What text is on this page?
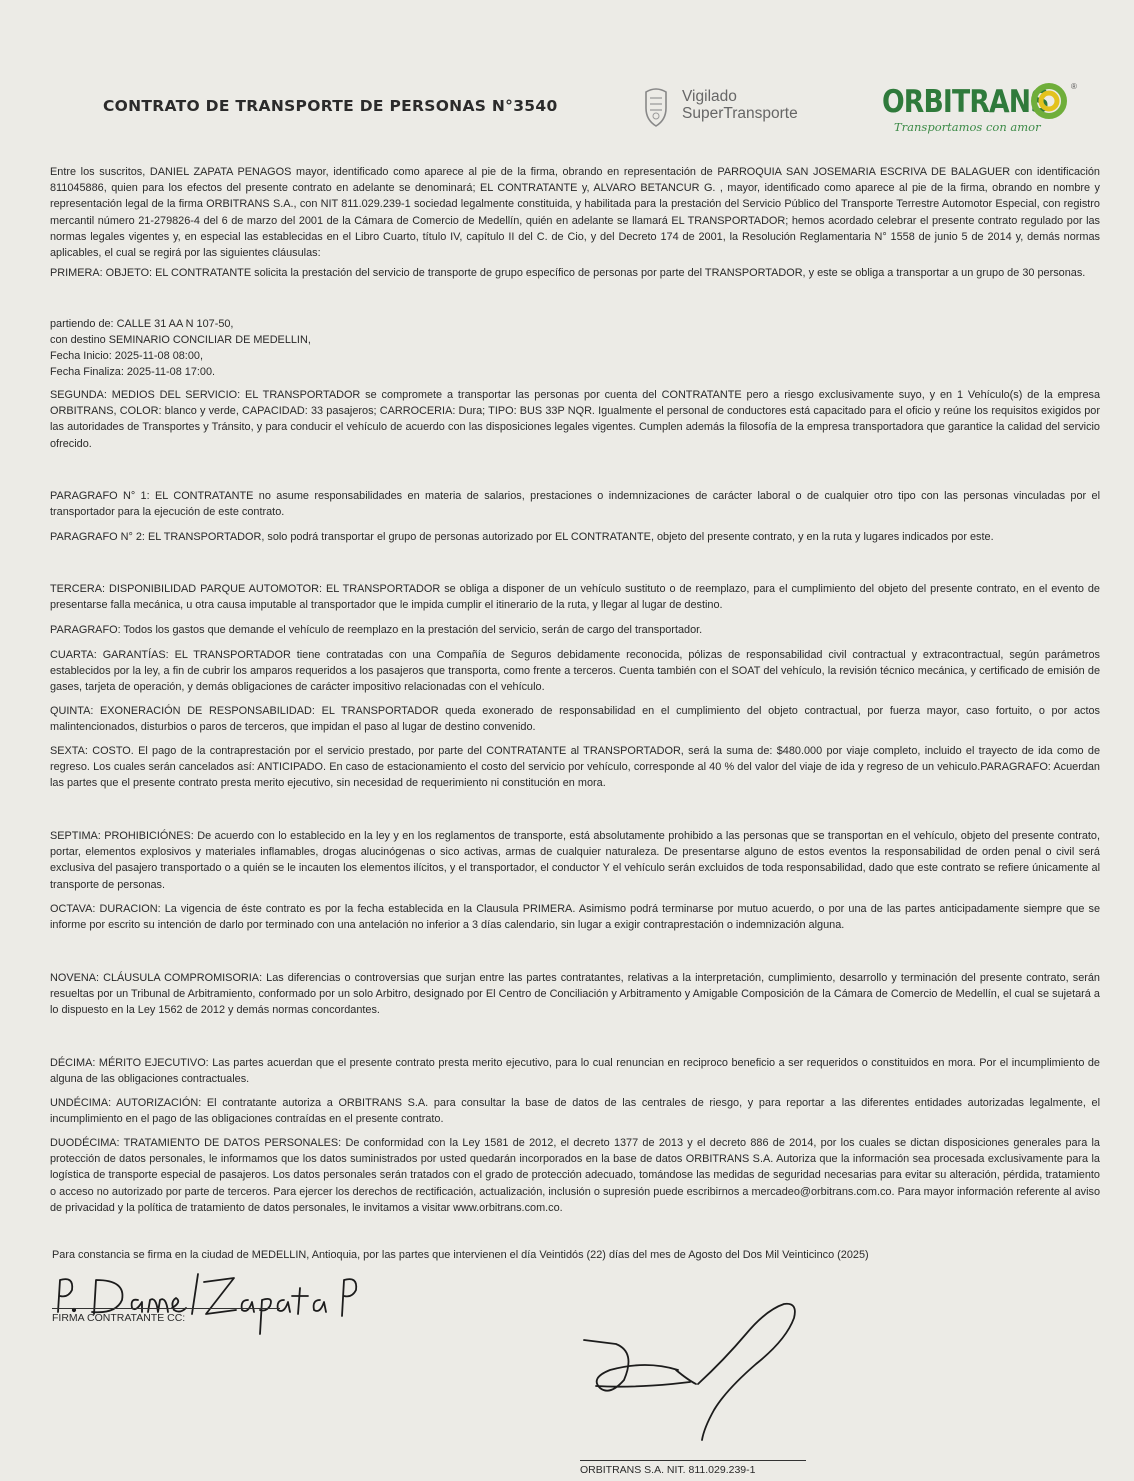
CONTRATO DE TRANSPORTE DE PERSONAS N°3540
Vigilado
SuperTransporte	ORBITRANS	®
Transportamos con amor
Entre los suscritos, DANIEL ZAPATA PENAGOS mayor, identificado como aparece al pie de la firma, obrando en representación de PARROQUIA SAN JOSEMARIA ESCRIVA DE BALAGUER con identificación 811045886, quien para los efectos del presente contrato en adelante se denominará; EL CONTRATANTE y, ALVARO BETANCUR G. , mayor, identificado como aparece al pie de la firma, obrando en nombre y representación legal de la firma ORBITRANS S.A., con NIT 811.029.239-1 sociedad legalmente constituida, y habilitada para la prestación del Servicio Público del Transporte Terrestre Automotor Especial, con registro mercantil número 21-279826-4 del 6 de marzo del 2001 de la Cámara de Comercio de Medellín, quién en adelante se llamará EL TRANSPORTADOR; hemos acordado celebrar el presente contrato regulado por las normas legales vigentes y, en especial las establecidas en el Libro Cuarto, título IV, capítulo II del C. de Cio, y del Decreto 174 de 2001, la Resolución Reglamentaria N° 1558 de junio 5 de 2014 y, demás normas aplicables, el cual se regirá por las siguientes cláusulas:
PRIMERA: OBJETO: EL CONTRATANTE solicita la prestación del servicio de transporte de grupo específico de personas por parte del TRANSPORTADOR, y este se obliga a transportar a un grupo de 30 personas.
partiendo de: CALLE 31 AA N 107-50,
con destino SEMINARIO CONCILIAR DE MEDELLIN,
Fecha Inicio: 2025-11-08 08:00,
Fecha Finaliza: 2025-11-08 17:00.
SEGUNDA: MEDIOS DEL SERVICIO: EL TRANSPORTADOR se compromete a transportar las personas por cuenta del CONTRATANTE pero a riesgo exclusivamente suyo, y en 1 Vehículo(s) de la empresa ORBITRANS, COLOR: blanco y verde, CAPACIDAD: 33 pasajeros; CARROCERIA: Dura; TIPO: BUS 33P NQR. Igualmente el personal de conductores está capacitado para el oficio y reúne los requisitos exigidos por las autoridades de Transportes y Tránsito, y para conducir el vehículo de acuerdo con las disposiciones legales vigentes. Cumplen además la filosofía de la empresa transportadora que garantice la calidad del servicio ofrecido.
PARAGRAFO N° 1: EL CONTRATANTE no asume responsabilidades en materia de salarios, prestaciones o indemnizaciones de carácter laboral o de cualquier otro tipo con las personas vinculadas por el transportador para la ejecución de este contrato.
PARAGRAFO N° 2: EL TRANSPORTADOR, solo podrá transportar el grupo de personas autorizado por EL CONTRATANTE, objeto del presente contrato, y en la ruta y lugares indicados por este.
TERCERA: DISPONIBILIDAD PARQUE AUTOMOTOR: EL TRANSPORTADOR se obliga a disponer de un vehículo sustituto o de reemplazo, para el cumplimiento del objeto del presente contrato, en el evento de presentarse falla mecánica, u otra causa imputable al transportador que le impida cumplir el itinerario de la ruta, y llegar al lugar de destino.
PARAGRAFO: Todos los gastos que demande el vehículo de reemplazo en la prestación del servicio, serán de cargo del transportador.
CUARTA: GARANTÍAS: EL TRANSPORTADOR tiene contratadas con una Compañía de Seguros debidamente reconocida, pólizas de responsabilidad civil contractual y extracontractual, según parámetros establecidos por la ley, a fin de cubrir los amparos requeridos a los pasajeros que transporta, como frente a terceros. Cuenta también con el SOAT del vehículo, la revisión técnico mecánica, y certificado de emisión de gases, tarjeta de operación, y demás obligaciones de carácter impositivo relacionadas con el vehículo.
QUINTA: EXONERACIÓN DE RESPONSABILIDAD: EL TRANSPORTADOR queda exonerado de responsabilidad en el cumplimiento del objeto contractual, por fuerza mayor, caso fortuito, o por actos malintencionados, disturbios o paros de terceros, que impidan el paso al lugar de destino convenido.
SEXTA: COSTO. El pago de la contraprestación por el servicio prestado, por parte del CONTRATANTE al TRANSPORTADOR, será la suma de: $480.000 por viaje completo, incluido el trayecto de ida como de regreso. Los cuales serán cancelados así: ANTICIPADO. En caso de estacionamiento el costo del servicio por vehículo, corresponde al 40 % del valor del viaje de ida y regreso de un vehiculo.PARAGRAFO: Acuerdan las partes que el presente contrato presta merito ejecutivo, sin necesidad de requerimiento ni constitución en mora.
SEPTIMA: PROHIBICIÓNES: De acuerdo con lo establecido en la ley y en los reglamentos de transporte, está absolutamente prohibido a las personas que se transportan en el vehículo, objeto del presente contrato, portar, elementos explosivos y materiales inflamables, drogas alucinógenas o sico activas, armas de cualquier naturaleza. De presentarse alguno de estos eventos la responsabilidad de orden penal o civil será exclusiva del pasajero transportado o a quién se le incauten los elementos ilícitos, y el transportador, el conductor Y el vehículo serán excluidos de toda responsabilidad, dado que este contrato se refiere únicamente al transporte de personas.
OCTAVA: DURACION: La vigencia de éste contrato es por la fecha establecida en la Clausula PRIMERA. Asimismo podrá terminarse por mutuo acuerdo, o por una de las partes anticipadamente siempre que se informe por escrito su intención de darlo por terminado con una antelación no inferior a 3 días calendario, sin lugar a exigir contraprestación o indemnización alguna.
NOVENA: CLÁUSULA COMPROMISORIA: Las diferencias o controversias que surjan entre las partes contratantes, relativas a la interpretación, cumplimiento, desarrollo y terminación del presente contrato, serán resueltas por un Tribunal de Arbitramiento, conformado por un solo Arbitro, designado por El Centro de Conciliación y Arbitramento y Amigable Composición de la Cámara de Comercio de Medellín, el cual se sujetará a lo dispuesto en la Ley 1562 de 2012 y demás normas concordantes.
DÉCIMA: MÉRITO EJECUTIVO: Las partes acuerdan que el presente contrato presta merito ejecutivo, para lo cual renuncian en reciproco beneficio a ser requeridos o constituidos en mora. Por el incumplimiento de alguna de las obligaciones contractuales.
UNDÉCIMA: AUTORIZACIÓN: El contratante autoriza a ORBITRANS S.A. para consultar la base de datos de las centrales de riesgo, y para reportar a las diferentes entidades autorizadas legalmente, el incumplimiento en el pago de las obligaciones contraídas en el presente contrato.
DUODÉCIMA: TRATAMIENTO DE DATOS PERSONALES: De conformidad con la Ley 1581 de 2012, el decreto 1377 de 2013 y el decreto 886 de 2014, por los cuales se dictan disposiciones generales para la protección de datos personales, le informamos que los datos suministrados por usted quedarán incorporados en la base de datos ORBITRANS S.A. Autoriza que la información sea procesada exclusivamente para la logística de transporte especial de pasajeros. Los datos personales serán tratados con el grado de protección adecuado, tomándose las medidas de seguridad necesarias para evitar su alteración, pérdida, tratamiento o acceso no autorizado por parte de terceros. Para ejercer los derechos de rectificación, actualización, inclusión o supresión puede escribirnos a mercadeo@orbitrans.com.co. Para mayor información referente al aviso de privacidad y la política de tratamiento de datos personales, le invitamos a visitar www.orbitrans.com.co.
Para constancia se firma en la ciudad de MEDELLIN, Antioquia, por las partes que intervienen el día Veintidós (22) días del mes de Agosto del Dos Mil Veinticinco (2025)
FIRMA CONTRATANTE CC:
ORBITRANS S.A. NIT. 811.029.239-1
